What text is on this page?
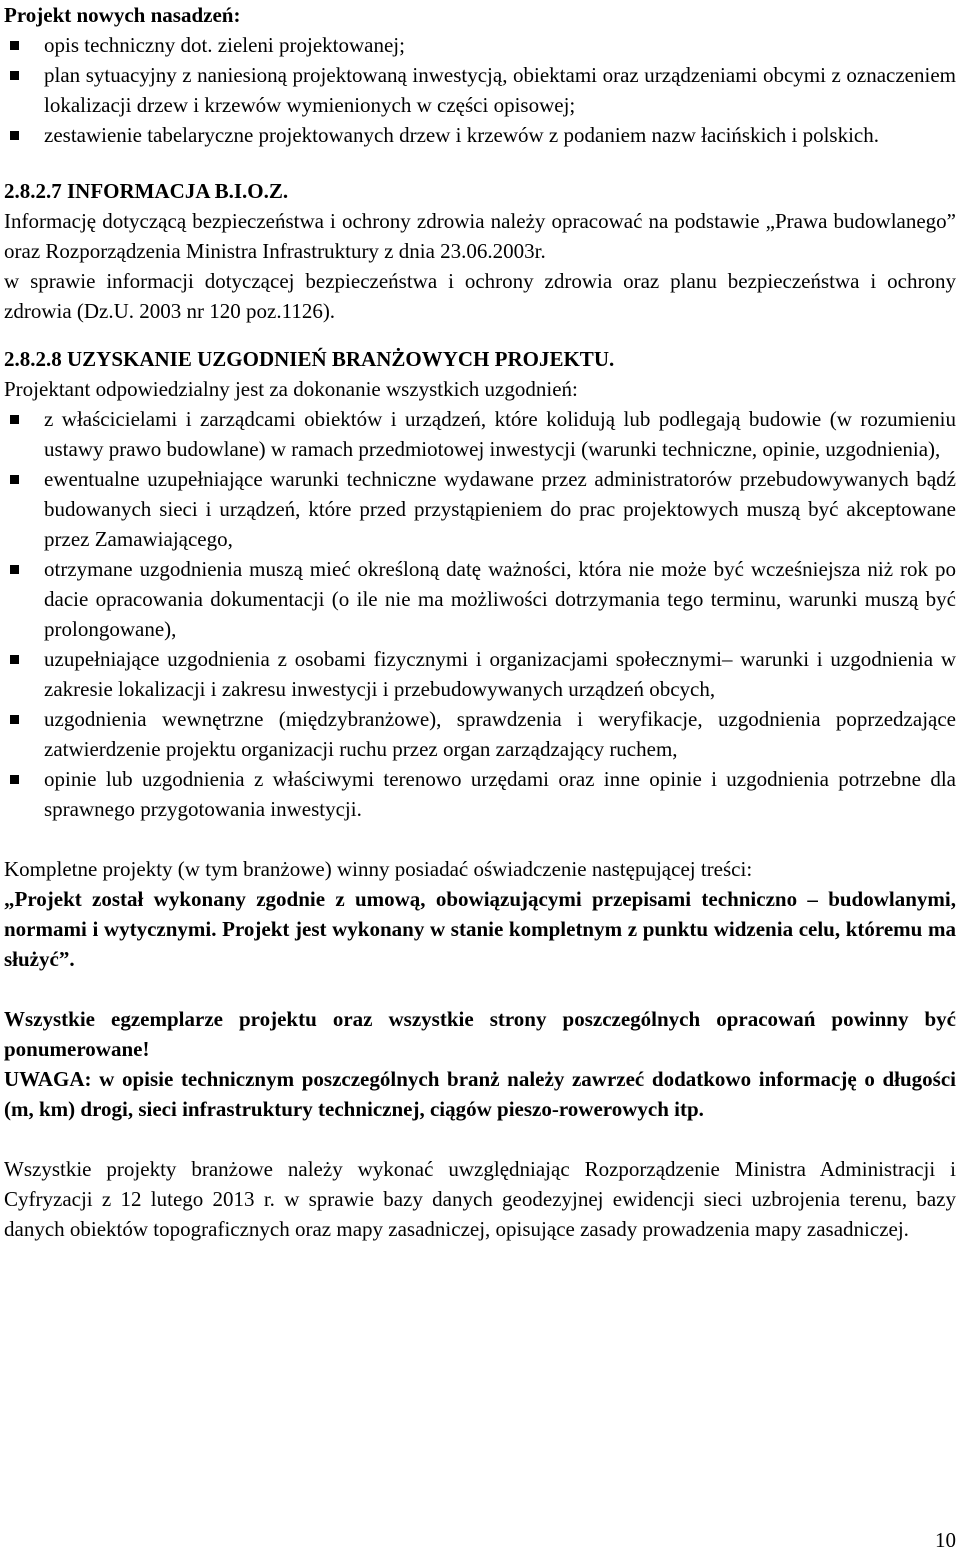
Projekt nowych nasadzeń:

opis techniczny dot. zieleni projektowanej;
plan sytuacyjny z naniesioną projektowaną inwestycją, obiektami oraz urządzeniami obcymi z oznaczeniem lokalizacji drzew i krzewów wymienionych w części opisowej;
zestawienie tabelaryczne projektowanych drzew i krzewów z podaniem nazw łacińskich i polskich.

2.8.2.7 INFORMACJA B.I.O.Z.

Informację dotyczącą bezpieczeństwa i ochrony zdrowia należy opracować na podstawie „Prawa budowlanego” oraz Rozporządzenia Ministra Infrastruktury z dnia 23.06.2003r.

w sprawie informacji dotyczącej bezpieczeństwa i ochrony zdrowia oraz planu bezpieczeństwa i ochrony zdrowia (Dz.U. 2003 nr 120 poz.1126).

2.8.2.8 UZYSKANIE UZGODNIEŃ BRANŻOWYCH PROJEKTU.

Projektant odpowiedzialny jest za dokonanie wszystkich uzgodnień:

z właścicielami i zarządcami obiektów i urządzeń, które kolidują lub podlegają budowie (w rozumieniu ustawy prawo budowlane) w ramach przedmiotowej inwestycji (warunki techniczne, opinie, uzgodnienia),
ewentualne uzupełniające warunki techniczne wydawane przez administratorów przebudowywanych bądź budowanych sieci i urządzeń, które przed przystąpieniem do prac projektowych muszą być akceptowane przez Zamawiającego,
otrzymane uzgodnienia muszą mieć określoną datę ważności, która nie może być wcześniejsza niż rok po dacie opracowania dokumentacji (o ile nie ma możliwości dotrzymania tego terminu, warunki muszą być prolongowane),
uzupełniające uzgodnienia z osobami fizycznymi i organizacjami społecznymi– warunki i uzgodnienia w zakresie lokalizacji i zakresu inwestycji i przebudowywanych urządzeń obcych,
uzgodnienia wewnętrzne (międzybranżowe), sprawdzenia i weryfikacje, uzgodnienia poprzedzające zatwierdzenie projektu organizacji ruchu przez organ zarządzający ruchem,
opinie lub uzgodnienia z właściwymi terenowo urzędami oraz inne opinie i uzgodnienia potrzebne dla sprawnego przygotowania inwestycji.

Kompletne projekty (w tym branżowe) winny posiadać oświadczenie następującej treści:

„Projekt został wykonany zgodnie z umową, obowiązującymi przepisami techniczno – budowlanymi, normami i wytycznymi. Projekt jest wykonany w stanie kompletnym z punktu widzenia celu, któremu ma służyć”.

Wszystkie egzemplarze projektu oraz wszystkie strony poszczególnych opracowań powinny być ponumerowane!

UWAGA: w opisie technicznym poszczególnych branż należy zawrzeć dodatkowo informację o długości (m, km) drogi, sieci infrastruktury technicznej, ciągów pieszo-rowerowych itp.

Wszystkie projekty branżowe należy wykonać uwzględniając Rozporządzenie Ministra Administracji i Cyfryzacji z 12 lutego 2013 r. w sprawie bazy danych geodezyjnej ewidencji sieci uzbrojenia terenu, bazy danych obiektów topograficznych oraz mapy zasadniczej, opisujące zasady prowadzenia mapy zasadniczej.

10
